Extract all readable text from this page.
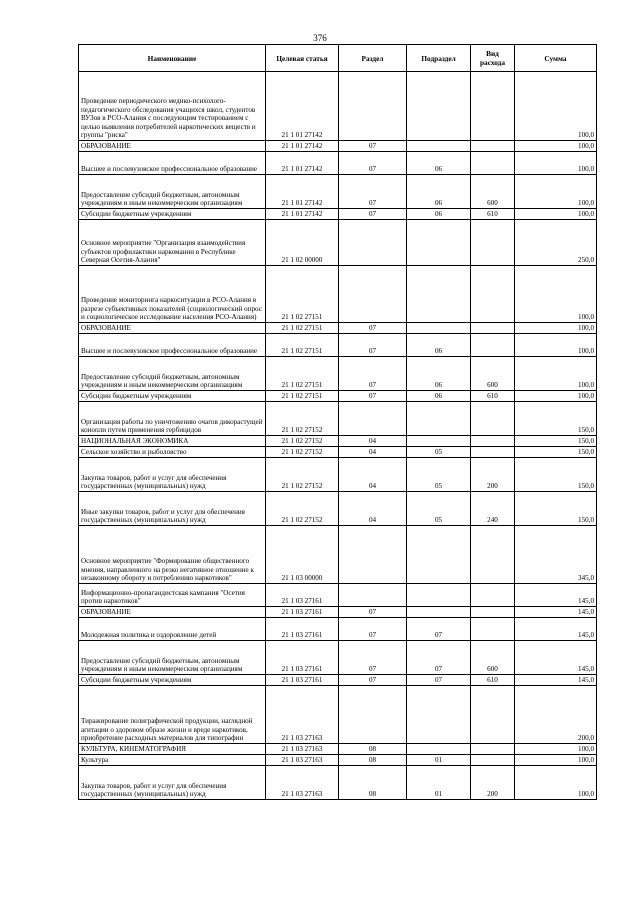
376
Наименование	Целевая статья	Раздел	Подраздел	Вид расхода	Сумма
Проведение периодического медико-психолого-педагогического обследования учащихся школ, студентов ВУЗов в РСО-Алания с последующим тестированием с целью выявления потребителей наркотических веществ и группы "риска"	21 1 01 27142				100,0
ОБРАЗОВАНИЕ	21 1 01 27142	07			100,0
Высшее и послевузовское профессиональное образование	21 1 01 27142	07	06		100,0
Предоставление субсидий бюджетным, автономным учреждениям и иным некоммерческим организациям	21 1 01 27142	07	06	600	100,0
Субсидии бюджетным учреждениям	21 1 01 27142	07	06	610	100,0
Основное мероприятие "Организация взаимодействия субъектов профилактики наркомании в Республике Северная Осетия-Алания"	21 1 02 00000				250,0
Проведение мониторинга наркоситуации в РСО-Алания в разрезе субъективных показателей (социологический опрос и социологическое исследование населения РСО-Алания)	21 1 02 27151				100,0
ОБРАЗОВАНИЕ	21 1 02 27151	07			100,0
Высшее и послевузовское профессиональное образование	21 1 02 27151	07	06		100,0
Предоставление субсидий бюджетным, автономным учреждениям и иным некоммерческим организациям	21 1 02 27151	07	06	600	100,0
Субсидии бюджетным учреждениям	21 1 02 27151	07	06	610	100,0
Организация работы по уничтожению очагов дикорастущей конопли путем применения гербицидов	21 1 02 27152				150,0
НАЦИОНАЛЬНАЯ ЭКОНОМИКА	21 1 02 27152	04			150,0
Сельское хозяйство и рыболовство	21 1 02 27152	04	05		150,0
Закупка товаров, работ и услуг для обеспечения государственных (муниципальных) нужд	21 1 02 27152	04	05	200	150,0
Иные закупки товаров, работ и услуг для обеспечения государственных (муниципальных) нужд	21 1 02 27152	04	05	240	150,0
Основное мероприятие "Формирование общественного мнения, направленного на резко негативное отношение к незаконному обороту и потреблению наркотиков"	21 1 03 00000				345,0
Информационно-пропагандистская кампания "Осетия против наркотиков"	21 1 03 27161				145,0
ОБРАЗОВАНИЕ	21 1 03 27161	07			145,0
Молодежная политика и оздоровление детей	21 1 03 27161	07	07		145,0
Предоставление субсидий бюджетным, автономным учреждениям и иным некоммерческим организациям	21 1 03 27161	07	07	600	145,0
Субсидии бюджетным учреждениям	21 1 03 27161	07	07	610	145,0
Тиражирование полиграфической продукции, наглядной агитации о здоровом образе жизни и вреде наркотиков, приобретение расходных материалов для типографии	21 1 03 27163				200,0
КУЛЬТУРА, КИНЕМАТОГРАФИЯ	21 1 03 27163	08			100,0
Культура	21 1 03 27163	08	01		100,0
Закупка товаров, работ и услуг для обеспечения государственных (муниципальных) нужд	21 1 03 27163	08	01	200	100,0
